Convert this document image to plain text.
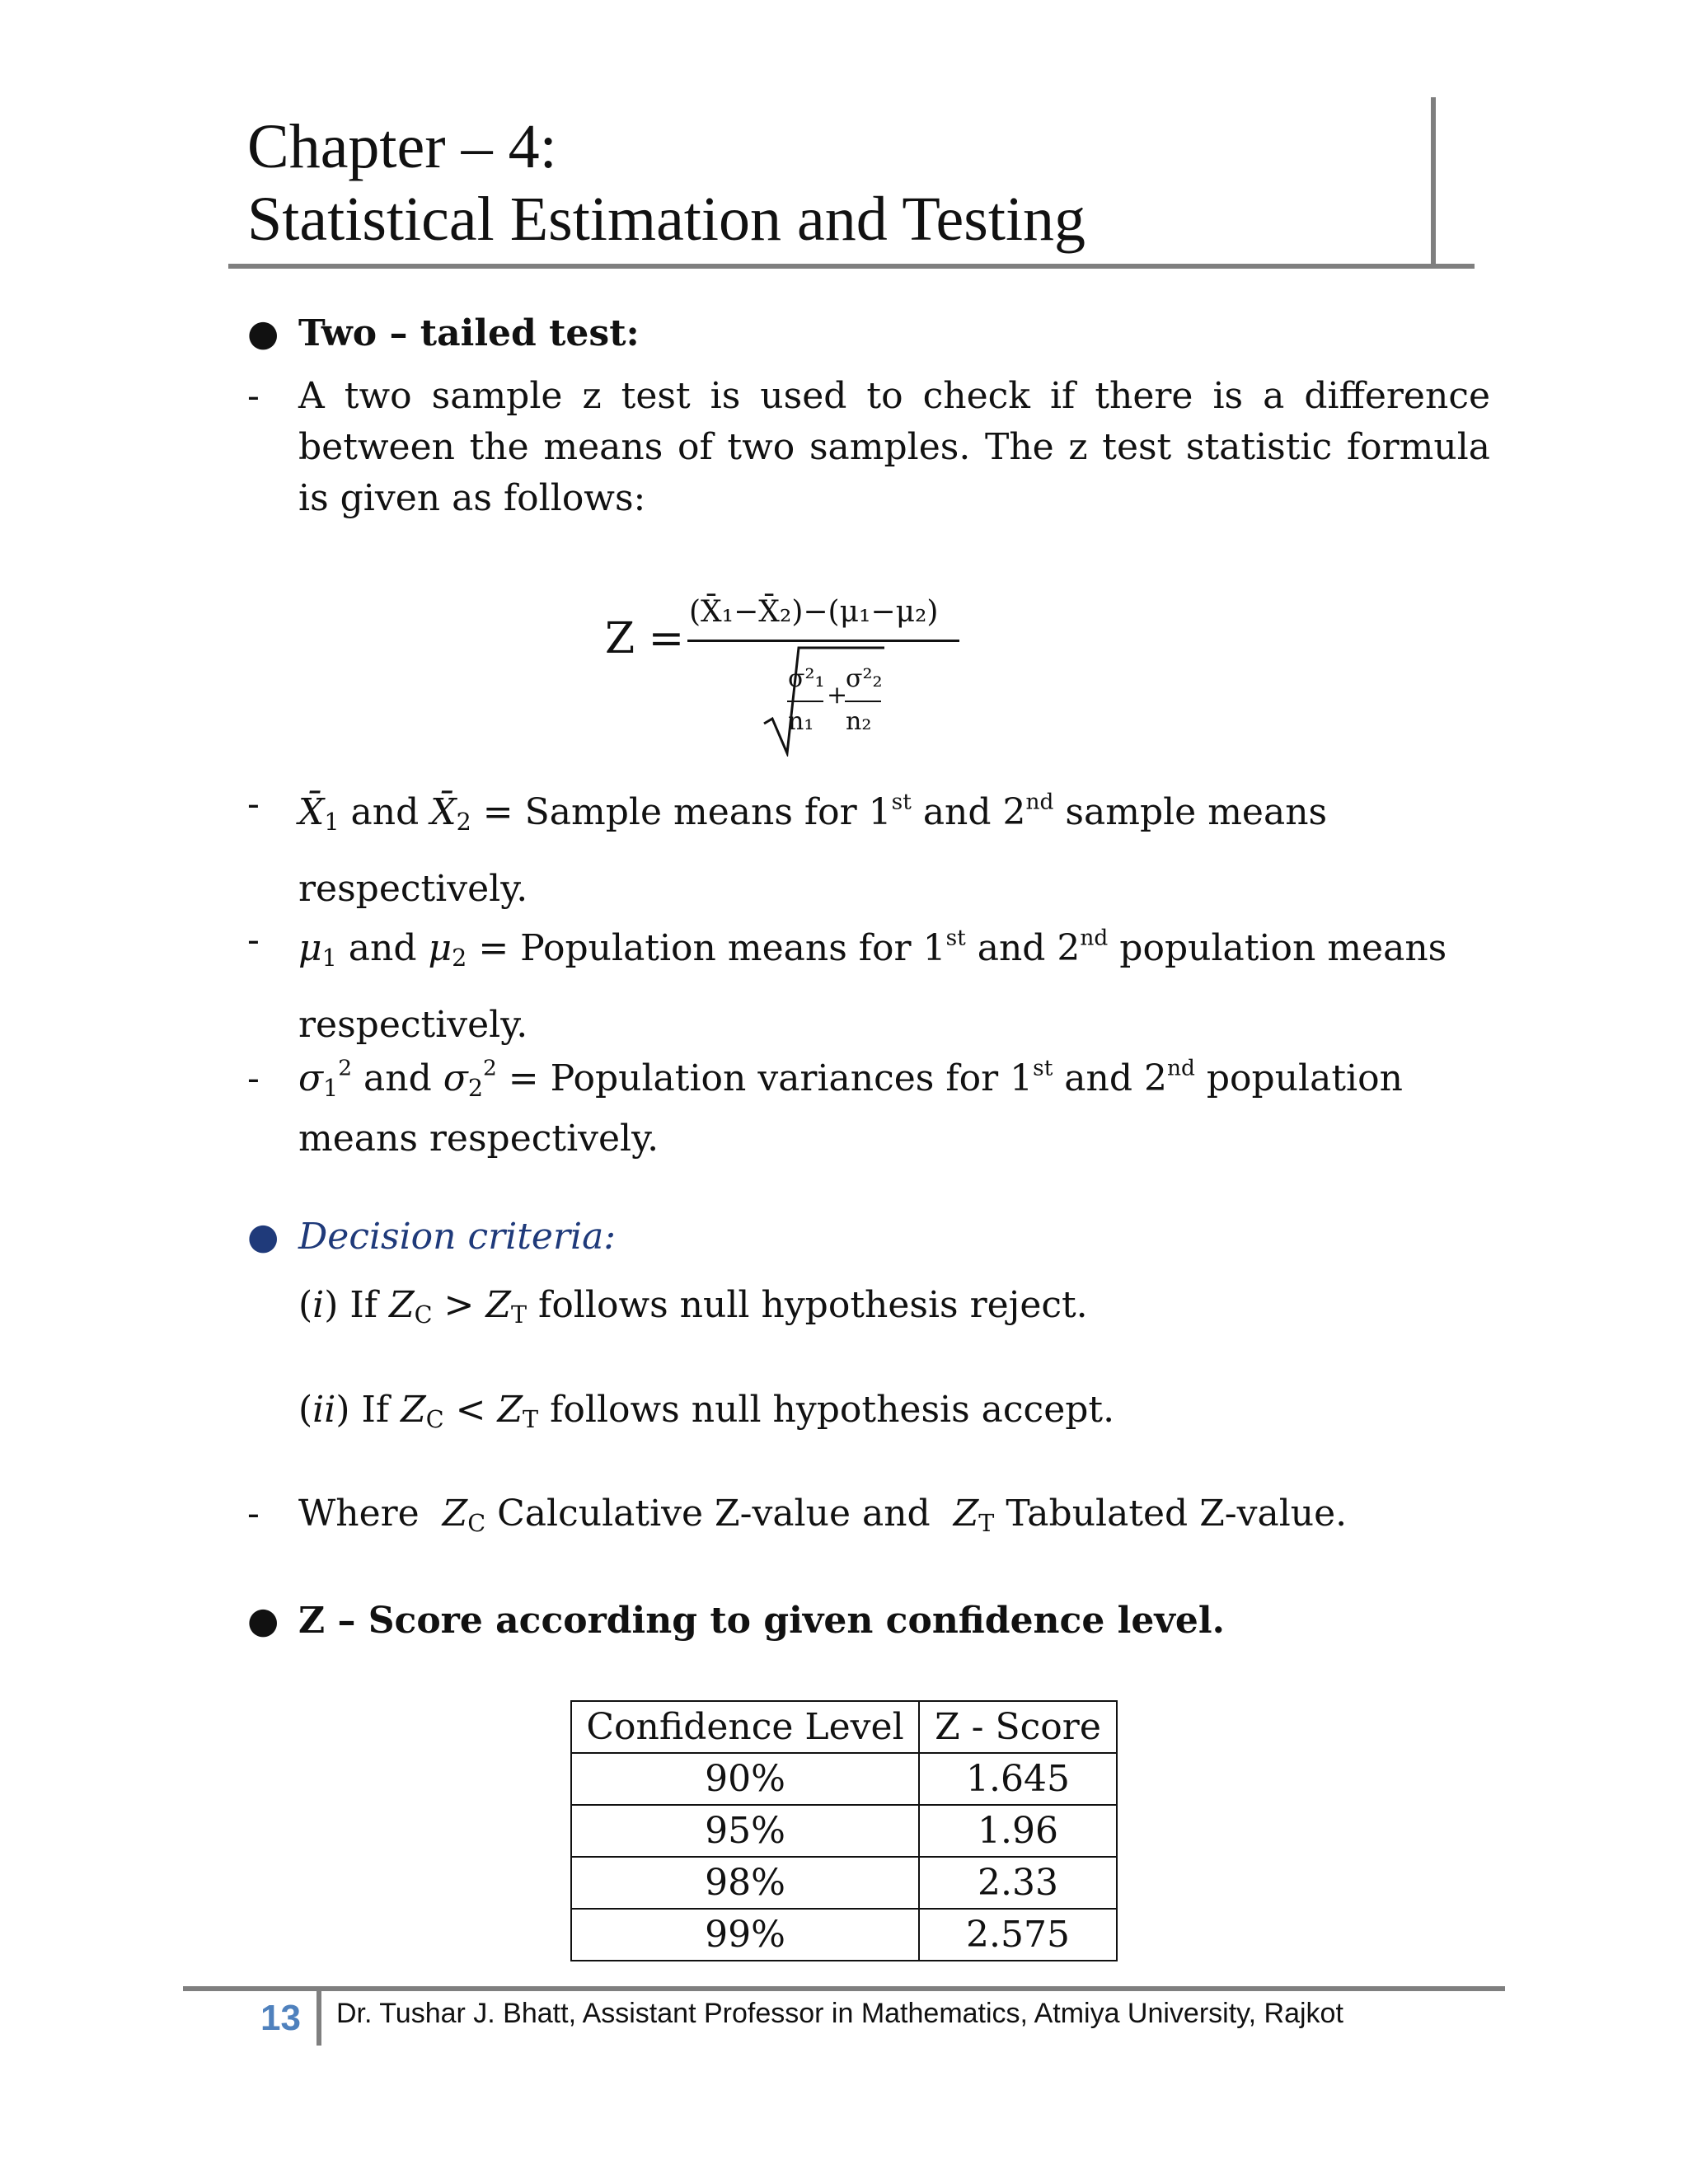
Chapter – 4:
Statistical Estimation and Testing
● Two – tailed test:
- A two sample z test is used to check if there is a difference between the means of two samples. The z test statistic formula is given as follows:
Z =
(X̄₁−X̄₂)−(μ₁−μ₂)
σ²₁ σ²₂
+
n₁ n₂
- $X̄_1$ and $X̄_2$ = Sample means for 1st and 2nd sample means respectively.
- $\mu_1$ and $\mu_2$ = Population means for 1st and 2nd population means respectively.
- $\sigma_1^2$ and $\sigma_2^2$ = Population variances for 1st and 2nd population means respectively.
● Decision criteria:
(i) If $Z_C > Z_T$ follows null hypothesis reject.
(ii) If $Z_C < Z_T$ follows null hypothesis accept.
- Where  $Z_C$ Calculative Z-value and $Z_T$ Tabulated Z-value.
● Z – Score according to given confidence level.
Confidence Level	Z - Score
90%	1.645
95%	1.96
98%	2.33
99%	2.575
13 Dr. Tushar J. Bhatt, Assistant Professor in Mathematics, Atmiya University, Rajkot
